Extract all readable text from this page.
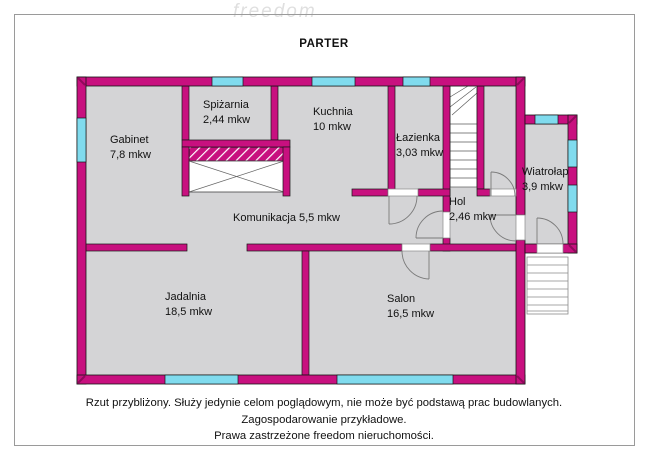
freedom
PARTER
Gabinet
7,8 mkw
Spiżarnia
2,44 mkw
Kuchnia
10 mkw
Łazienka
3,03 mkw
Hol
2,46 mkw
Wiatrołap
3,9 mkw
Komunikacja 5,5 mkw
Jadalnia
18,5 mkw
Salon
16,5 mkw
Rzut przybliżony. Służy jedynie celom poglądowym, nie może być podstawą prac budowlanych.
Zagospodarowanie przykładowe.
Prawa zastrzeżone freedom nieruchomości.
